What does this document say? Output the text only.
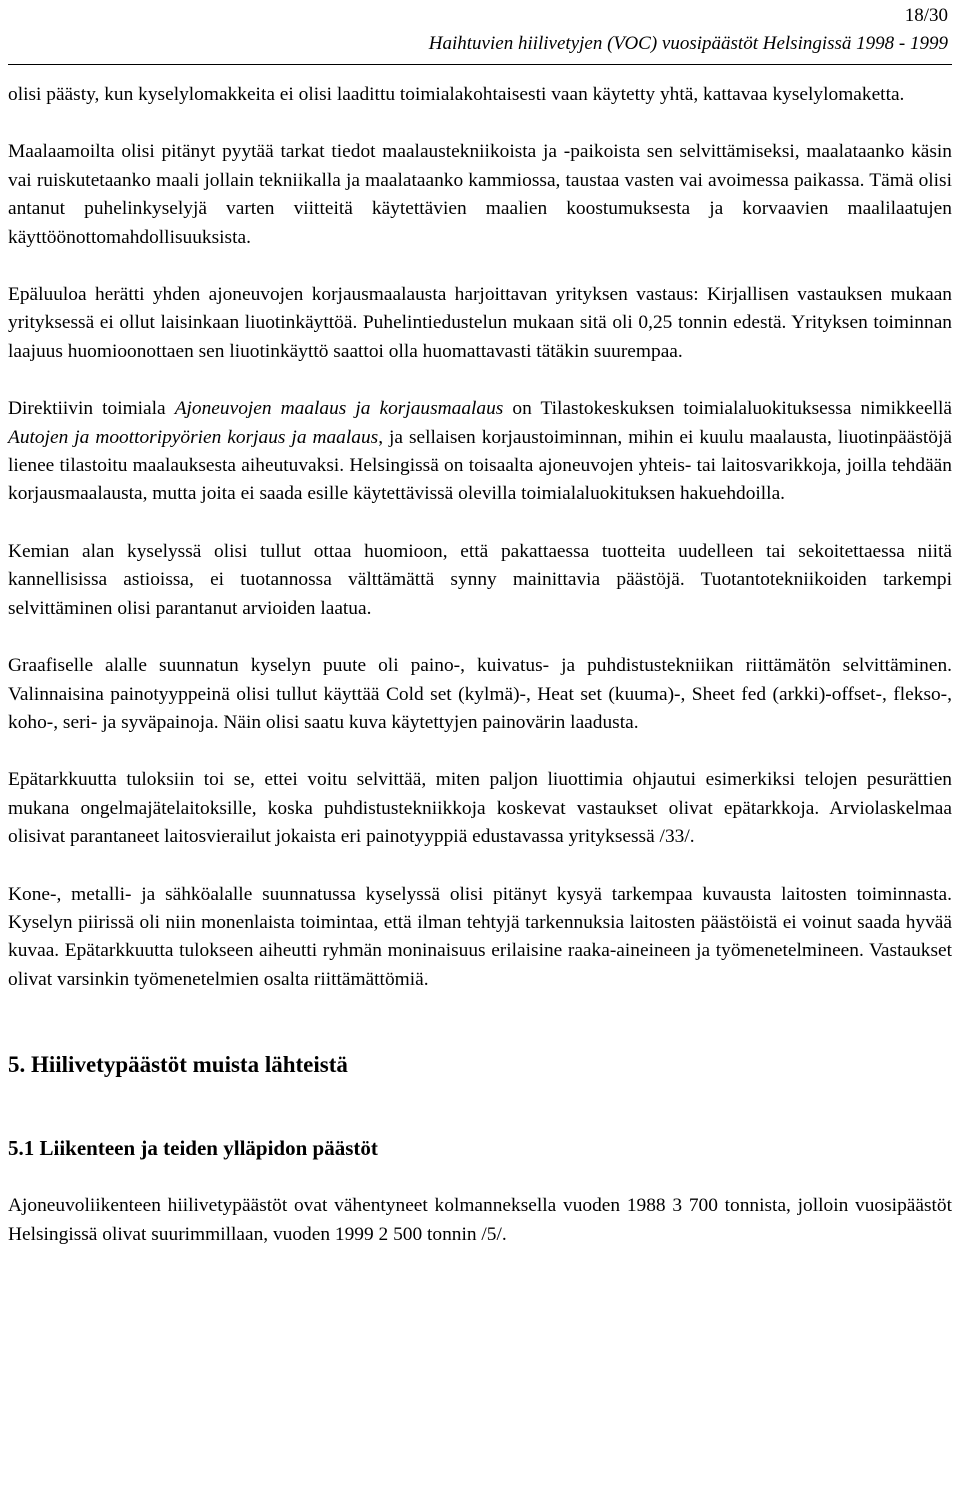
18/30
Haihtuvien hiilivetyjen (VOC) vuosipäästöt Helsingissä 1998 - 1999

olisi päästy, kun kyselylomakkeita ei olisi laadittu toimialakohtaisesti vaan käytetty yhtä, kattavaa kyselylomaketta.

Maalaamoilta olisi pitänyt pyytää tarkat tiedot maalaustekniikoista ja -paikoista sen selvittämiseksi, maalataanko käsin vai ruiskutetaanko maali jollain tekniikalla ja maalataanko kammiossa, taustaa vasten vai avoimessa paikassa. Tämä olisi antanut puhelinkyselyjä varten viitteitä käytettävien maalien koostumuksesta ja korvaavien maalilaatujen käyttöönottomahdollisuuksista.

Epäluuloa herätti yhden ajoneuvojen korjausmaalausta harjoittavan yrityksen vastaus: Kirjallisen vastauksen mukaan yrityksessä ei ollut laisinkaan liuotinkäyttöä. Puhelintiedustelun mukaan sitä oli 0,25 tonnin edestä. Yrityksen toiminnan laajuus huomioonottaen sen liuotinkäyttö saattoi olla huomattavasti tätäkin suurempaa.

Direktiivin toimiala Ajoneuvojen maalaus ja korjausmaalaus on Tilastokeskuksen toimialaluokituksessa nimikkeellä Autojen ja moottoripyörien korjaus ja maalaus, ja sellaisen korjaustoiminnan, mihin ei kuulu maalausta, liuotinpäästöjä lienee tilastoitu maalauksesta aiheutuvaksi. Helsingissä on toisaalta ajoneuvojen yhteis- tai laitosvarikkoja, joilla tehdään korjausmaalausta, mutta joita ei saada esille käytettävissä olevilla toimialaluokituksen hakuehdoilla.

Kemian alan kyselyssä olisi tullut ottaa huomioon, että pakattaessa tuotteita uudelleen tai sekoitettaessa niitä kannellisissa astioissa, ei tuotannossa välttämättä synny mainittavia päästöjä. Tuotantotekniikoiden tarkempi selvittäminen olisi parantanut arvioiden laatua.

Graafiselle alalle suunnatun kyselyn puute oli paino-, kuivatus- ja puhdistustekniikan riittämätön selvittäminen. Valinnaisina painotyyppeinä olisi tullut käyttää Cold set (kylmä)-, Heat set (kuuma)-, Sheet fed (arkki)-offset-, flekso-, koho-, seri- ja syväpainoja. Näin olisi saatu kuva käytettyjen painovärin laadusta.

Epätarkkuutta tuloksiin toi se, ettei voitu selvittää, miten paljon liuottimia ohjautui esimerkiksi telojen pesurättien mukana ongelmajätelaitoksille, koska puhdistustekniikkoja koskevat vastaukset olivat epätarkkoja. Arviolaskelmaa olisivat parantaneet laitosvierailut jokaista eri painotyyppiä edustavassa yrityksessä /33/.

Kone-, metalli- ja sähköalalle suunnatussa kyselyssä olisi pitänyt kysyä tarkempaa kuvausta laitosten toiminnasta. Kyselyn piirissä oli niin monenlaista toimintaa, että ilman tehtyjä tarkennuksia laitosten päästöistä ei voinut saada hyvää kuvaa. Epätarkkuutta tulokseen aiheutti ryhmän moninaisuus erilaisine raaka-aineineen ja työmenetelmineen. Vastaukset olivat varsinkin työmenetelmien osalta riittämättömiä.

5. Hiilivetypäästöt muista lähteistä
5.1 Liikenteen ja teiden ylläpidon päästöt

Ajoneuvoliikenteen hiilivetypäästöt ovat vähentyneet kolmanneksella vuoden 1988 3 700 tonnista, jolloin vuosipäästöt Helsingissä olivat suurimmillaan, vuoden 1999 2 500 tonnin /5/.
